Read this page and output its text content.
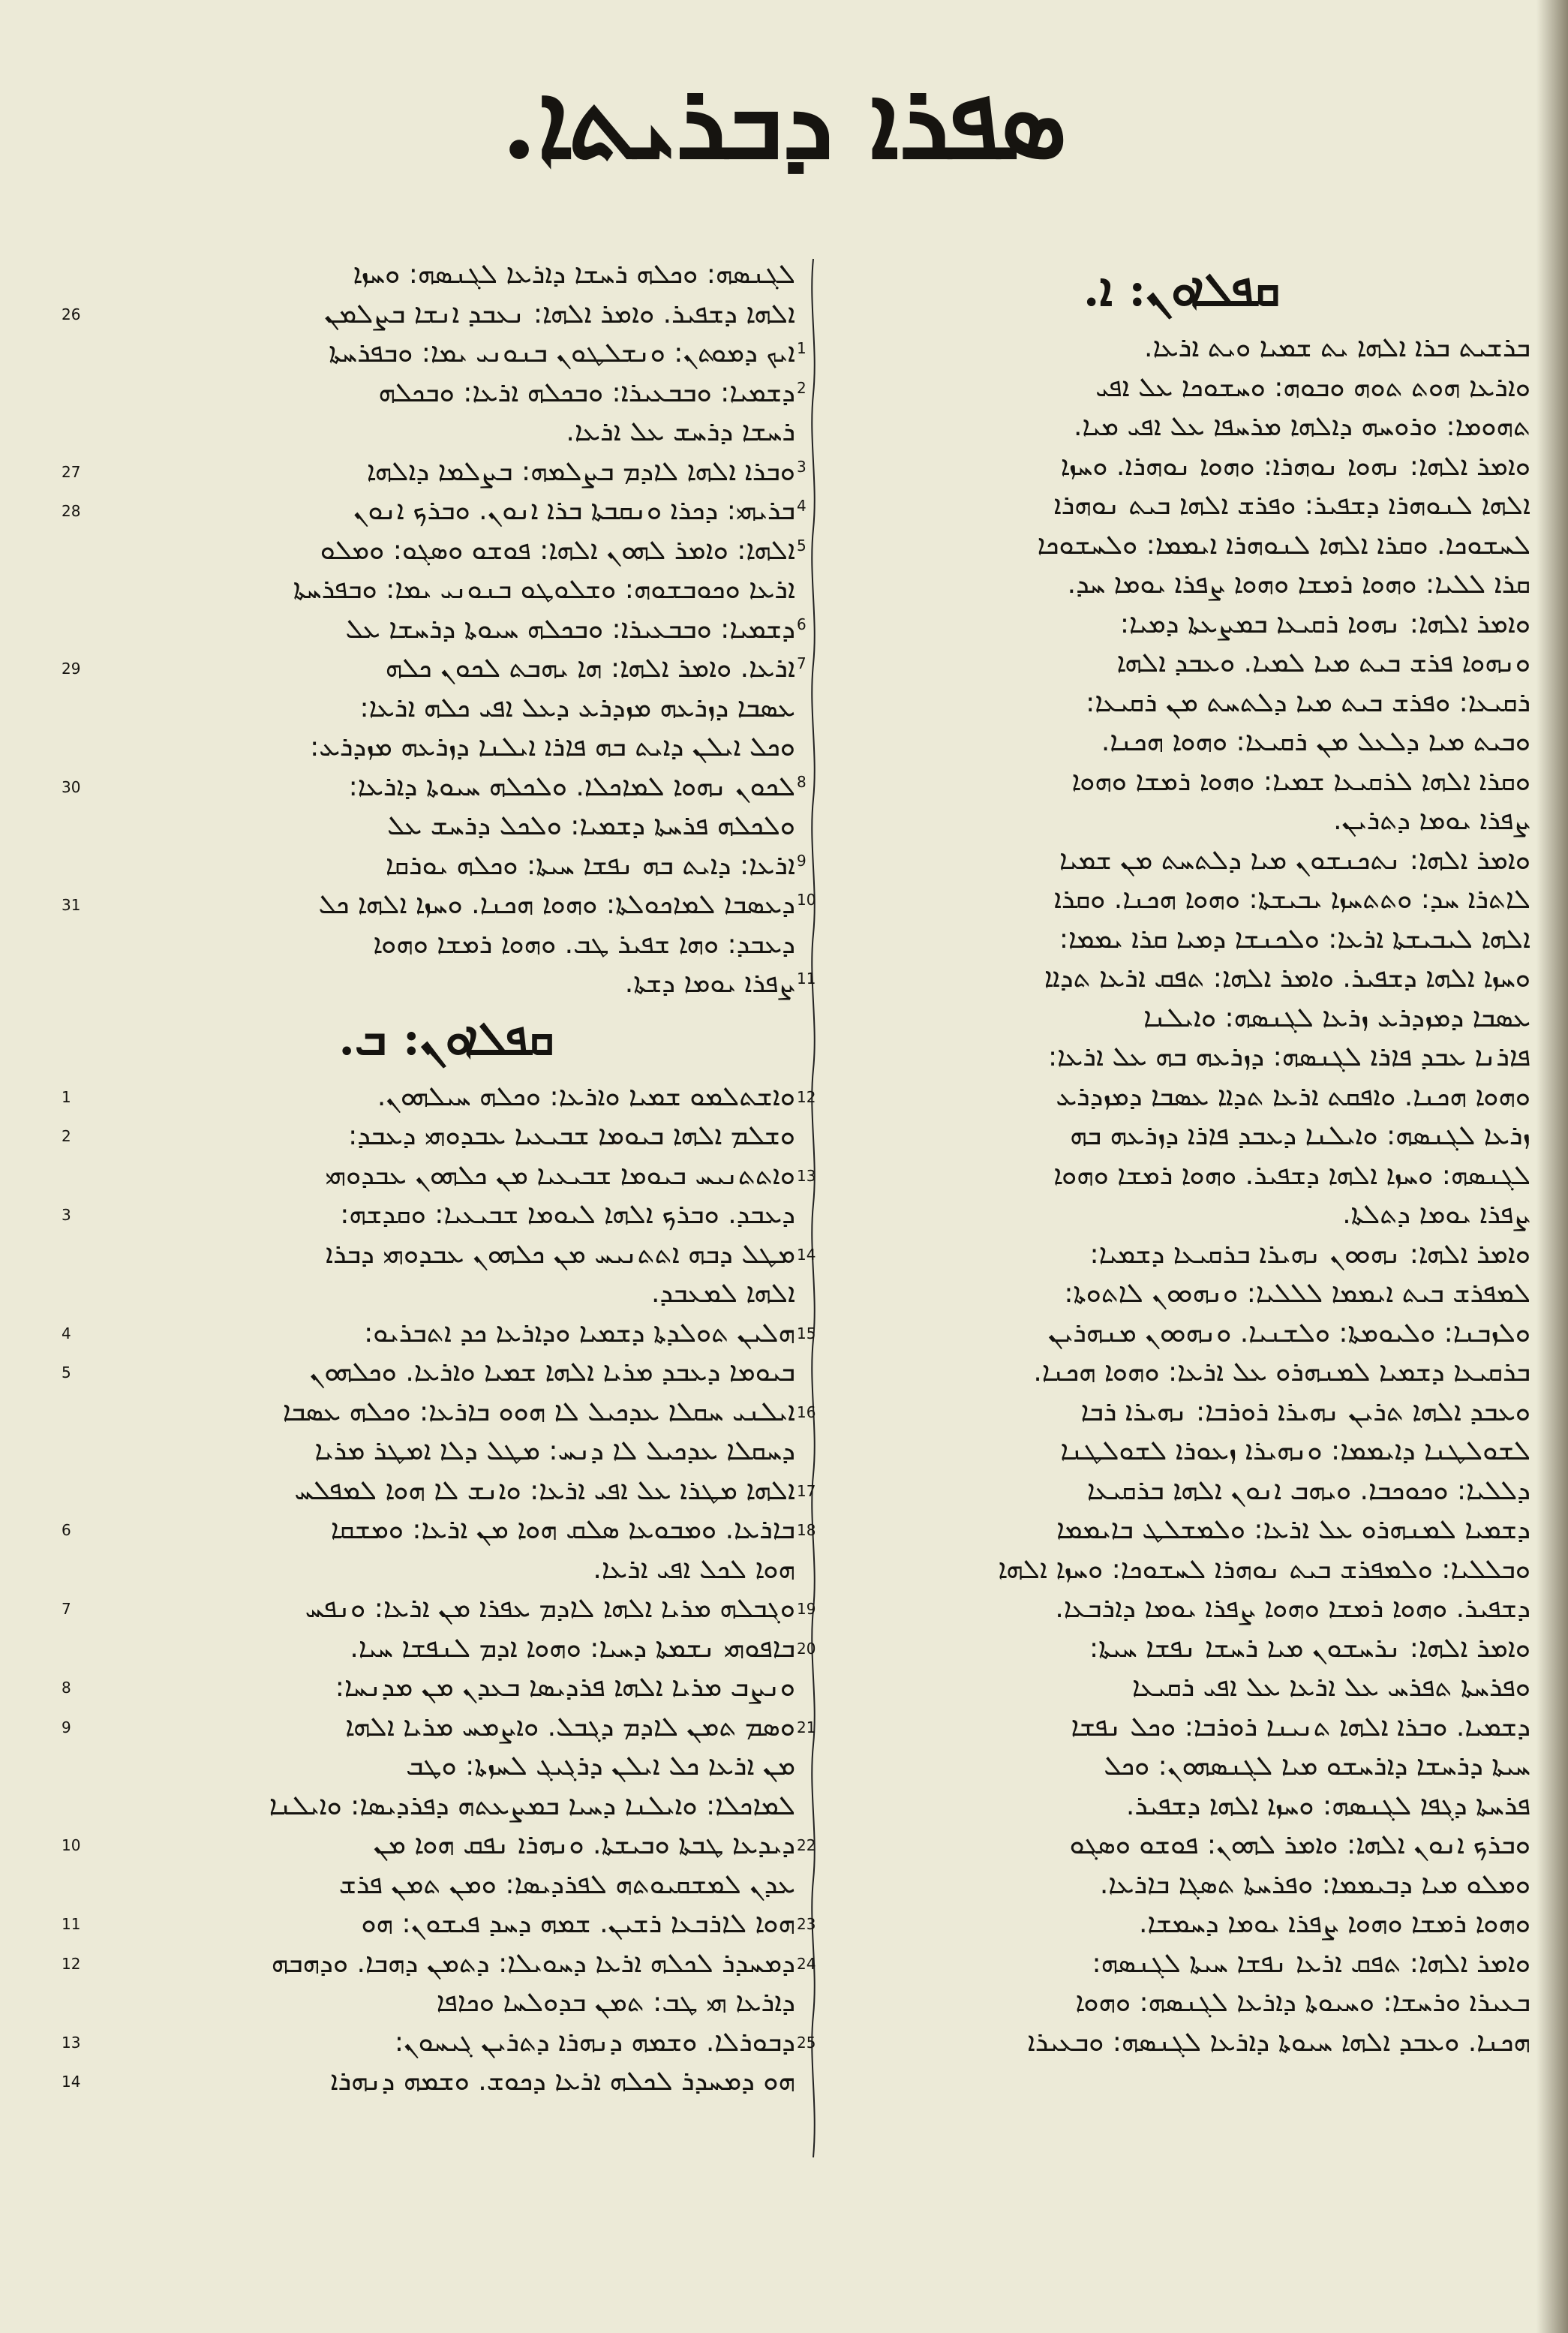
ܣܦܪܐ ܕܒܪܝܬܐ.
ܩܦܠܐܘܢ: ܐ.
ܒܪܫܝܬ ܒܪܐ ܐܠܗܐ ܝܬ ܫܡܝܐ ܘܝܬ ܐܪܥܐ.
1
ܘܐܪܥܐ ܗܘܬ ܬܘܗ ܘܒܘܗ: ܘܚܫܘܟܐ ܥܠ ܐܦܝ
2
ܬܗܘܡܐ: ܘܪܘܚܗ ܕܐܠܗܐ ܡܪܚܦܐ ܥܠ ܐܦܝ ܡܝܐ.
ܘܐܡܪ ܐܠܗܐ: ܢܗܘܐ ܢܘܗܪܐ: ܘܗܘܐ ܢܘܗܪܐ. ܘܚܙܐ
3
ܐܠܗܐ ܠܢܘܗܪܐ ܕܫܦܝܪ: ܘܦܪܫ ܐܠܗܐ ܒܝܬ ܢܘܗܪܐ
4
ܠܚܫܘܟܐ. ܘܩܪܐ ܐܠܗܐ ܠܢܘܗܪܐ ܐܝܡܡܐ: ܘܠܚܫܘܟܐ
5
ܩܪܐ ܠܠܝܐ: ܘܗܘܐ ܪܡܫܐ ܘܗܘܐ ܨܦܪܐ ܝܘܡܐ ܚܕ.
ܘܐܡܪ ܐܠܗܐ: ܢܗܘܐ ܪܩܝܥܐ ܒܡܨܥܬܐ ܕܡܝܐ:
6
ܘܢܗܘܐ ܦܪܫ ܒܝܬ ܡܝܐ ܠܡܝܐ. ܘܥܒܕ ܐܠܗܐ
7
ܪܩܝܥܐ: ܘܦܪܫ ܒܝܬ ܡܝܐ ܕܠܬܚܬ ܡܢ ܪܩܝܥܐ:
ܘܒܝܬ ܡܝܐ ܕܠܥܠ ܡܢ ܪܩܝܥܐ: ܘܗܘܐ ܗܟܢܐ.
ܘܩܪܐ ܐܠܗܐ ܠܪܩܝܥܐ ܫܡܝܐ: ܘܗܘܐ ܪܡܫܐ ܘܗܘܐ
8
ܨܦܪܐ ܝܘܡܐ ܕܬܪܝܢ.
ܘܐܡܪ ܐܠܗܐ: ܢܬܟܢܫܘܢ ܡܝܐ ܕܠܬܚܬ ܡܢ ܫܡܝܐ
9
ܠܐܬܪܐ ܚܕ: ܘܬܬܚܙܐ ܝܒܝܫܬܐ: ܘܗܘܐ ܗܟܢܐ. ܘܩܪܐ
10
ܐܠܗܐ ܠܝܒܝܫܬܐ ܐܪܥܐ: ܘܠܟܢܫܐ ܕܡܝܐ ܩܪܐ ܝܡܡܐ:
ܘܚܙܐ ܐܠܗܐ ܕܫܦܝܪ. ܘܐܡܪ ܐܠܗܐ: ܬܦܩ ܐܪܥܐ ܬܕܐܐ
11
ܥܣܒܐ ܕܡܙܕܪܥ ܙܪܥܐ ܠܓܢܣܗ: ܘܐܝܠܢܐ
ܦܐܪܢܐ ܥܒܕ ܦܐܪܐ ܠܓܢܣܗ: ܕܙܪܥܗ ܒܗ ܥܠ ܐܪܥܐ:
ܘܗܘܐ ܗܟܢܐ. ܘܐܦܩܬ ܐܪܥܐ ܬܕܐܐ ܥܣܒܐ ܕܡܙܕܪܥ
12
ܙܪܥܐ ܠܓܢܣܗ: ܘܐܝܠܢܐ ܕܥܒܕ ܦܐܪܐ ܕܙܪܥܗ ܒܗ
ܠܓܢܣܗ: ܘܚܙܐ ܐܠܗܐ ܕܫܦܝܪ. ܘܗܘܐ ܪܡܫܐ ܘܗܘܐ
13
ܨܦܪܐ ܝܘܡܐ ܕܬܠܬܐ.
ܘܐܡܪ ܐܠܗܐ: ܢܗܘܘܢ ܢܗܝܪܐ ܒܪܩܝܥܐ ܕܫܡܝܐ:
14
ܠܡܦܪܫ ܒܝܬ ܐܝܡܡܐ ܠܠܠܝܐ: ܘܢܗܘܘܢ ܠܐܬܘܬܐ:
ܘܠܙܒܢܐ: ܘܠܝܘܡܬܐ: ܘܠܫܢܝܐ. ܘܢܗܘܘܢ ܡܢܗܪܝܢ
15
ܒܪܩܝܥܐ ܕܫܡܝܐ ܠܡܢܗܪܘ ܥܠ ܐܪܥܐ: ܘܗܘܐ ܗܟܢܐ.
ܘܥܒܕ ܐܠܗܐ ܬܪܝܢ ܢܗܝܪܐ ܪܘܪܒܐ: ܢܗܝܪܐ ܪܒܐ
16
ܠܫܘܠܛܢܐ ܕܐܝܡܡܐ: ܘܢܗܝܪܐ ܙܥܘܪܐ ܠܫܘܠܛܢܐ
ܕܠܠܝܐ: ܘܟܘܟܒܐ. ܘܝܗܒ ܐܢܘܢ ܐܠܗܐ ܒܪܩܝܥܐ
17
ܕܫܡܝܐ ܠܡܢܗܪܘ ܥܠ ܐܪܥܐ: ܘܠܡܫܠܛ ܒܐܝܡܡܐ
18
ܘܒܠܠܝܐ: ܘܠܡܦܪܫ ܒܝܬ ܢܘܗܪܐ ܠܚܫܘܟܐ: ܘܚܙܐ ܐܠܗܐ
ܕܫܦܝܪ. ܘܗܘܐ ܪܡܫܐ ܘܗܘܐ ܨܦܪܐ ܝܘܡܐ ܕܐܪܒܥܐ.
19
ܘܐܡܪ ܐܠܗܐ: ܢܪܚܫܘܢ ܡܝܐ ܪܚܫܐ ܢܦܫܐ ܚܝܬܐ:
20
ܘܦܪܚܬܐ ܬܦܪܚ ܥܠ ܐܪܥܐ ܥܠ ܐܦܝ ܪܩܝܥܐ
ܕܫܡܝܐ. ܘܒܪܐ ܐܠܗܐ ܬܢܝܢܐ ܪܘܪܒܐ: ܘܟܠ ܢܦܫܐ
21
ܚܝܬܐ ܕܪܚܫܐ ܕܐܪܚܫܘ ܡܝܐ ܠܓܢܣܗܘܢ: ܘܟܠ
ܦܪܚܬܐ ܕܓܦܐ ܠܓܢܣܗ: ܘܚܙܐ ܐܠܗܐ ܕܫܦܝܪ.
ܘܒܪܟ ܐܢܘܢ ܐܠܗܐ: ܘܐܡܪ ܠܗܘܢ: ܦܘܫܘ ܘܣܓܘ
22
ܘܡܠܘ ܡܝܐ ܕܒܝܡܡܐ: ܘܦܪܚܬܐ ܬܣܓܐ ܒܐܪܥܐ.
ܘܗܘܐ ܪܡܫܐ ܘܗܘܐ ܨܦܪܐ ܝܘܡܐ ܕܚܡܫܐ.
23
ܘܐܡܪ ܐܠܗܐ: ܬܦܩ ܐܪܥܐ ܢܦܫܐ ܚܝܬܐ ܠܓܢܣܗ:
24
ܒܥܝܪܐ ܘܪܚܫܐ: ܘܚܝܘܬܐ ܕܐܪܥܐ ܠܓܢܣܗ: ܘܗܘܐ
ܗܟܢܐ. ܘܥܒܕ ܐܠܗܐ ܚܝܘܬܐ ܕܐܪܥܐ ܠܓܢܣܗ: ܘܒܥܝܪܐ
25
ܠܓܢܣܗ: ܘܟܠܗ ܪܚܫܐ ܕܐܪܥܐ ܠܓܢܣܗ: ܘܚܙܐ
ܐܠܗܐ ܕܫܦܝܪ. ܘܐܡܪ ܐܠܗܐ: ܢܥܒܕ ܐܢܫܐ ܒܨܠܡܢ
26
ܐܝܟ ܕܡܘܬܢ: ܘܢܫܠܛܘܢ ܒܢܘܢܝ ܝܡܐ: ܘܒܦܪܚܬܐ
ܕܫܡܝܐ: ܘܒܒܥܝܪܐ: ܘܒܟܠܗ ܐܪܥܐ: ܘܒܟܠܗ
ܪܚܫܐ ܕܪܚܫ ܥܠ ܐܪܥܐ.
ܘܒܪܐ ܐܠܗܐ ܠܐܕܡ ܒܨܠܡܗ: ܒܨܠܡܐ ܕܐܠܗܐ
27
ܒܪܝܗܝ: ܕܟܪܐ ܘܢܩܒܬܐ ܒܪܐ ܐܢܘܢ. ܘܒܪܟ ܐܢܘܢ
28
ܐܠܗܐ: ܘܐܡܪ ܠܗܘܢ ܐܠܗܐ: ܦܘܫܘ ܘܣܓܘ: ܘܡܠܘ
ܐܪܥܐ ܘܟܘܒܫܘܗ: ܘܫܠܘܛܘ ܒܢܘܢܝ ܝܡܐ: ܘܒܦܪܚܬܐ
ܕܫܡܝܐ: ܘܒܒܥܝܪܐ: ܘܒܟܠܗ ܚܝܘܬܐ ܕܪܚܫܐ ܥܠ
ܐܪܥܐ. ܘܐܡܪ ܐܠܗܐ: ܗܐ ܝܗܒܬ ܠܟܘܢ ܟܠܗ
29
ܥܣܒܐ ܕܙܪܥܗ ܡܙܕܪܥ ܕܥܠ ܐܦܝ ܟܠܗ ܐܪܥܐ:
ܘܟܠ ܐܝܠܢ ܕܐܝܬ ܒܗ ܦܐܪܐ ܐܝܠܢܐ ܕܙܪܥܗ ܡܙܕܪܥ:
ܠܟܘܢ ܢܗܘܐ ܠܡܐܟܠܐ. ܘܠܟܠܗ ܚܝܘܬܐ ܕܐܪܥܐ:
30
ܘܠܟܠܗ ܦܪܚܬܐ ܕܫܡܝܐ: ܘܠܟܠ ܕܪܚܫ ܥܠ
ܐܪܥܐ: ܕܐܝܬ ܒܗ ܢܦܫܐ ܚܝܬܐ: ܘܟܠܗ ܝܘܪܩܐ
ܕܥܣܒܐ ܠܡܐܟܘܠܬܐ: ܘܗܘܐ ܗܟܢܐ. ܘܚܙܐ ܐܠܗܐ ܟܠ
31
ܕܥܒܕ: ܘܗܐ ܫܦܝܪ ܛܒ. ܘܗܘܐ ܪܡܫܐ ܘܗܘܐ
ܨܦܪܐ ܝܘܡܐ ܕܫܬܐ.
ܩܦܠܐܘܢ: ܒ.
ܘܐܫܬܠܡܘ ܫܡܝܐ ܘܐܪܥܐ: ܘܟܠܗ ܚܝܠܗܘܢ.
1
ܘܫܠܡ ܐܠܗܐ ܒܝܘܡܐ ܫܒܝܥܝܐ ܥܒܕܘܗܝ ܕܥܒܕ:
2
ܘܐܬܬܢܝܚ ܒܝܘܡܐ ܫܒܝܥܝܐ ܡܢ ܟܠܗܘܢ ܥܒܕܘܗܝ
ܕܥܒܕ. ܘܒܪܟ ܐܠܗܐ ܠܝܘܡܐ ܫܒܝܥܝܐ: ܘܩܕܫܗ:
3
ܡܛܠ ܕܒܗ ܐܬܬܢܝܚ ܡܢ ܟܠܗܘܢ ܥܒܕܘܗܝ ܕܒܪܐ
ܐܠܗܐ ܠܡܥܒܕ.
ܗܠܝܢ ܬܘܠܕܬܐ ܕܫܡܝܐ ܘܕܐܪܥܐ ܟܕ ܐܬܒܪܝܘ:
4
ܒܝܘܡܐ ܕܥܒܕ ܡܪܝܐ ܐܠܗܐ ܫܡܝܐ ܘܐܪܥܐ. ܘܟܠܗܘܢ
5
ܐܝܠܢܝ ܚܩܠܐ ܥܕܟܝܠ ܠܐ ܗܘܘ ܒܐܪܥܐ: ܘܟܠܗ ܥܣܒܐ
ܕܚܩܠܐ ܥܕܟܝܠ ܠܐ ܕܢܚ: ܡܛܠ ܕܠܐ ܐܡܛܪ ܡܪܝܐ
ܐܠܗܐ ܡܛܪܐ ܥܠ ܐܦܝ ܐܪܥܐ: ܘܐܢܫ ܠܐ ܗܘܐ ܠܡܦܠܚ
ܒܐܪܥܐ. ܘܡܒܘܥܐ ܣܠܩ ܗܘܐ ܡܢ ܐܪܥܐ: ܘܡܫܩܐ
6
ܗܘܐ ܠܟܠ ܐܦܝ ܐܪܥܐ.
ܘܓܒܠܗ ܡܪܝܐ ܐܠܗܐ ܠܐܕܡ ܥܦܪܐ ܡܢ ܐܪܥܐ: ܘܢܦܚ
7
ܒܐܦܘܗܝ ܢܫܡܬܐ ܕܚܝܐ: ܘܗܘܐ ܐܕܡ ܠܢܦܫܐ ܚܝܐ.
ܘܢܨܒ ܡܪܝܐ ܐܠܗܐ ܦܪܕܝܣܐ ܒܥܕܢ ܡܢ ܡܕܢܚܐ:
8
ܘܣܡ ܬܡܢ ܠܐܕܡ ܕܓܒܠ. ܘܐܨܡܚ ܡܪܝܐ ܐܠܗܐ
9
ܡܢ ܐܪܥܐ ܟܠ ܐܝܠܢ ܕܪܓܝܓ ܠܚܙܬܐ: ܘܛܒ
ܠܡܐܟܠܐ: ܘܐܝܠܢܐ ܕܚܝܐ ܒܡܨܥܬܗ ܕܦܪܕܝܣܐ: ܘܐܝܠܢܐ
ܕܝܕܥܐ ܛܒܬܐ ܘܒܝܫܬܐ. ܘܢܗܪܐ ܢܦܩ ܗܘܐ ܡܢ
10
ܥܕܢ ܠܡܫܩܝܘܬܗ ܠܦܪܕܝܣܐ: ܘܡܢ ܬܡܢ ܦܪܫ
ܗܘܐ ܠܐܪܒܥܐ ܪܫܝܢ. ܫܡܗ ܕܚܕ ܦܝܫܘܢ: ܗܘ
11
ܕܡܚܕܪ ܠܟܠܗ ܐܪܥܐ ܕܚܘܝܠܐ: ܕܬܡܢ ܕܗܒܐ. ܘܕܗܒܗ
12
ܕܐܪܥܐ ܗܝ ܛܒ: ܬܡܢ ܒܕܘܠܚܐ ܘܟܐܦܐ
ܕܒܘܪܠܐ. ܘܫܡܗ ܕܢܗܪܐ ܕܬܪܝܢ ܓܝܚܘܢ:
13
ܗܘ ܕܡܚܕܪ ܠܟܠܗ ܐܪܥܐ ܕܟܘܫ. ܘܫܡܗ ܕܢܗܪܐ
14
